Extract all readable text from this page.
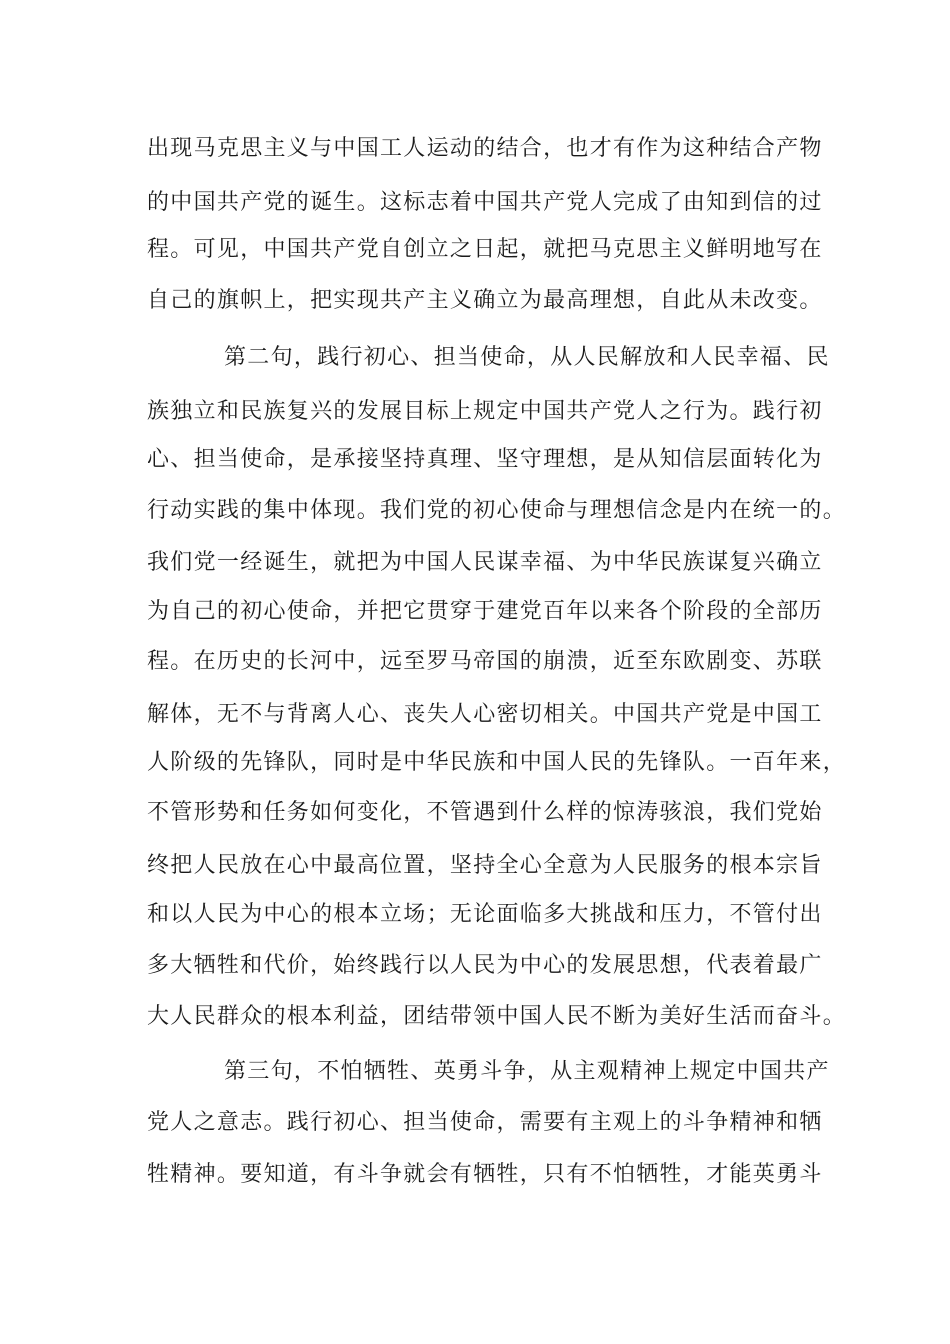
出现马克思主义与中国工人运动的结合，也才有作为这种结合产物
的中国共产党的诞生。这标志着中国共产党人完成了由知到信的过
程。可见，中国共产党自创立之日起，就把马克思主义鲜明地写在
自己的旗帜上，把实现共产主义确立为最高理想，自此从未改变。
第二句，践行初心、担当使命，从人民解放和人民幸福、民
族独立和民族复兴的发展目标上规定中国共产党人之行为。践行初
心、担当使命，是承接坚持真理、坚守理想，是从知信层面转化为
行动实践的集中体现。我们党的初心使命与理想信念是内在统一的。
我们党一经诞生，就把为中国人民谋幸福、为中华民族谋复兴确立
为自己的初心使命，并把它贯穿于建党百年以来各个阶段的全部历
程。在历史的长河中，远至罗马帝国的崩溃，近至东欧剧变、苏联
解体，无不与背离人心、丧失人心密切相关。中国共产党是中国工
人阶级的先锋队，同时是中华民族和中国人民的先锋队。一百年来，
不管形势和任务如何变化，不管遇到什么样的惊涛骇浪，我们党始
终把人民放在心中最高位置，坚持全心全意为人民服务的根本宗旨
和以人民为中心的根本立场；无论面临多大挑战和压力，不管付出
多大牺牲和代价，始终践行以人民为中心的发展思想，代表着最广
大人民群众的根本利益，团结带领中国人民不断为美好生活而奋斗。
第三句，不怕牺牲、英勇斗争，从主观精神上规定中国共产
党人之意志。践行初心、担当使命，需要有主观上的斗争精神和牺
牲精神。要知道，有斗争就会有牺牲，只有不怕牺牲，才能英勇斗
